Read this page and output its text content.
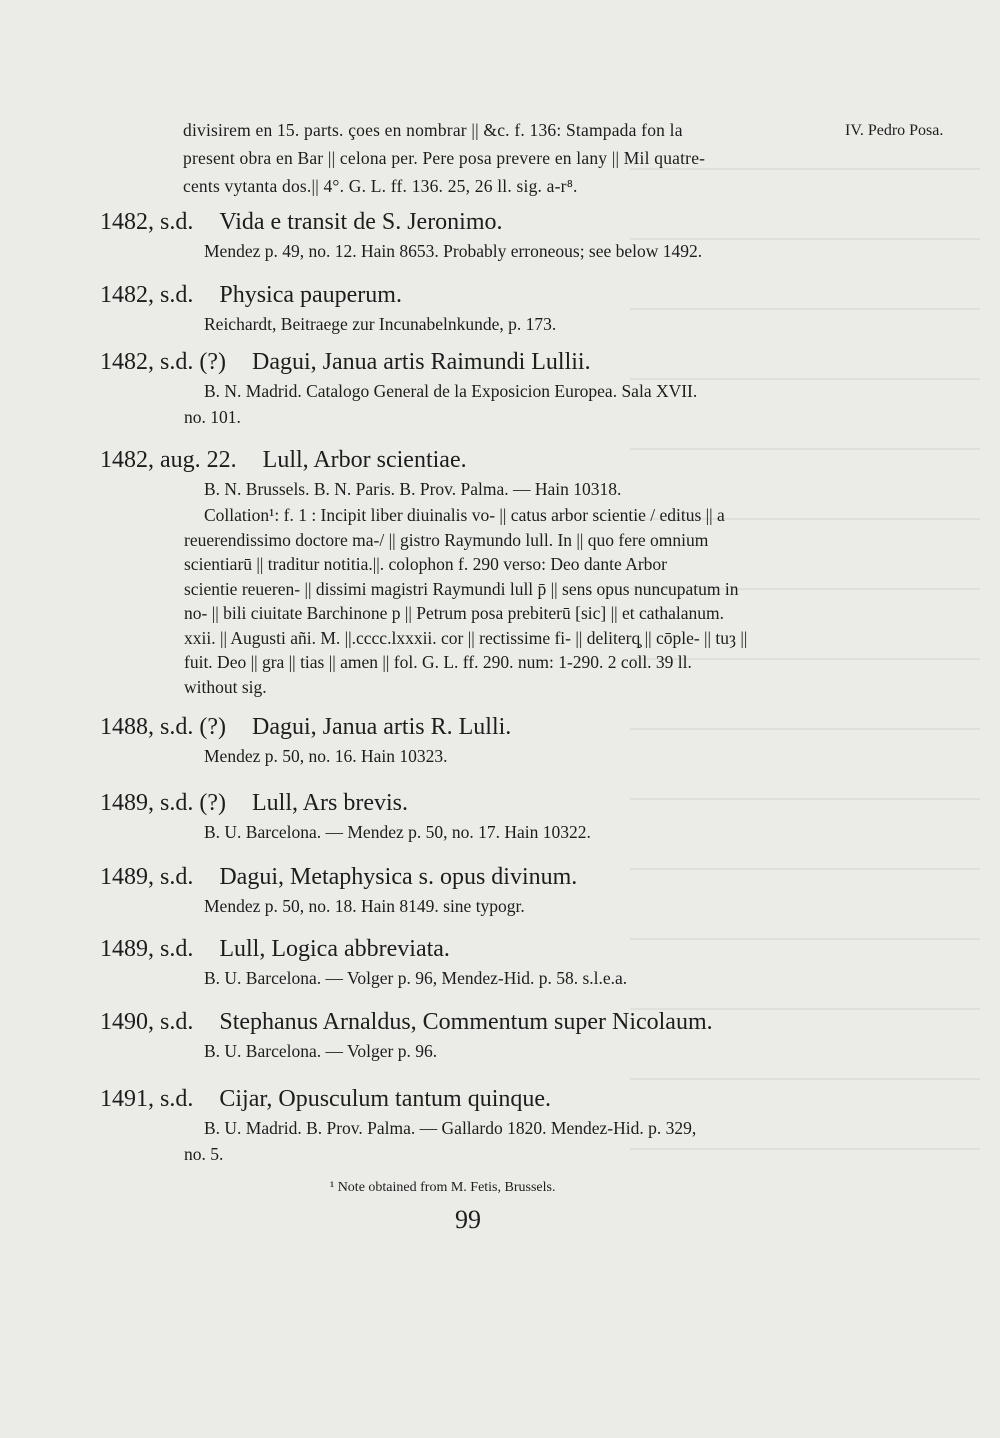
divisirem en 15. parts. çoes en nombrar || &c. f. 136: Stampada fon la
present obra en Bar || celona per. Pere posa prevere en lany || Mil quatre-
cents vytanta dos.|| 4°. G. L. ff. 136. 25, 26 ll. sig. a-r⁸.
IV. Pedro Posa.
1482, s.d. Vida e transit de S. Jeronimo.
Mendez p. 49, no. 12. Hain 8653. Probably erroneous; see below 1492.
1482, s.d. Physica pauperum.
Reichardt, Beitraege zur Incunabelnkunde, p. 173.
1482, s.d. (?) Dagui, Janua artis Raimundi Lullii.
B. N. Madrid. Catalogo General de la Exposicion Europea. Sala XVII.
no. 101.
1482, aug. 22. Lull, Arbor scientiae.
B. N. Brussels. B. N. Paris. B. Prov. Palma. — Hain 10318.
Collation¹: f. 1 : Incipit liber diuinalis vo- || catus arbor scientie / editus || a
reuerendissimo doctore ma-/ || gistro Raymundo lull. In || quo fere omnium
scientiarū || traditur notitia.||. colophon f. 290 verso: Deo dante Arbor
scientie reueren- || dissimi magistri Raymundi lull p̄ || sens opus nuncupatum in
no- || bili ciuitate Barchinone p || Petrum posa prebiterū [sic] || et cathalanum.
xxii. || Augusti añi. M. ||.cccc.lxxxii. cor || rectissime fi- || deliterq̧ || cōple- || tuȝ ||
fuit. Deo || gra || tias || amen || fol. G. L. ff. 290. num: 1-290. 2 coll. 39 ll.
without sig.
1488, s.d. (?) Dagui, Janua artis R. Lulli.
Mendez p. 50, no. 16. Hain 10323.
1489, s.d. (?) Lull, Ars brevis.
B. U. Barcelona. — Mendez p. 50, no. 17. Hain 10322.
1489, s.d. Dagui, Metaphysica s. opus divinum.
Mendez p. 50, no. 18. Hain 8149. sine typogr.
1489, s.d. Lull, Logica abbreviata.
B. U. Barcelona. — Volger p. 96, Mendez-Hid. p. 58. s.l.e.a.
1490, s.d. Stephanus Arnaldus, Commentum super Nicolaum.
B. U. Barcelona. — Volger p. 96.
1491, s.d. Cijar, Opusculum tantum quinque.
B. U. Madrid. B. Prov. Palma. — Gallardo 1820. Mendez-Hid. p. 329,
no. 5.
¹ Note obtained from M. Fetis, Brussels.
99
